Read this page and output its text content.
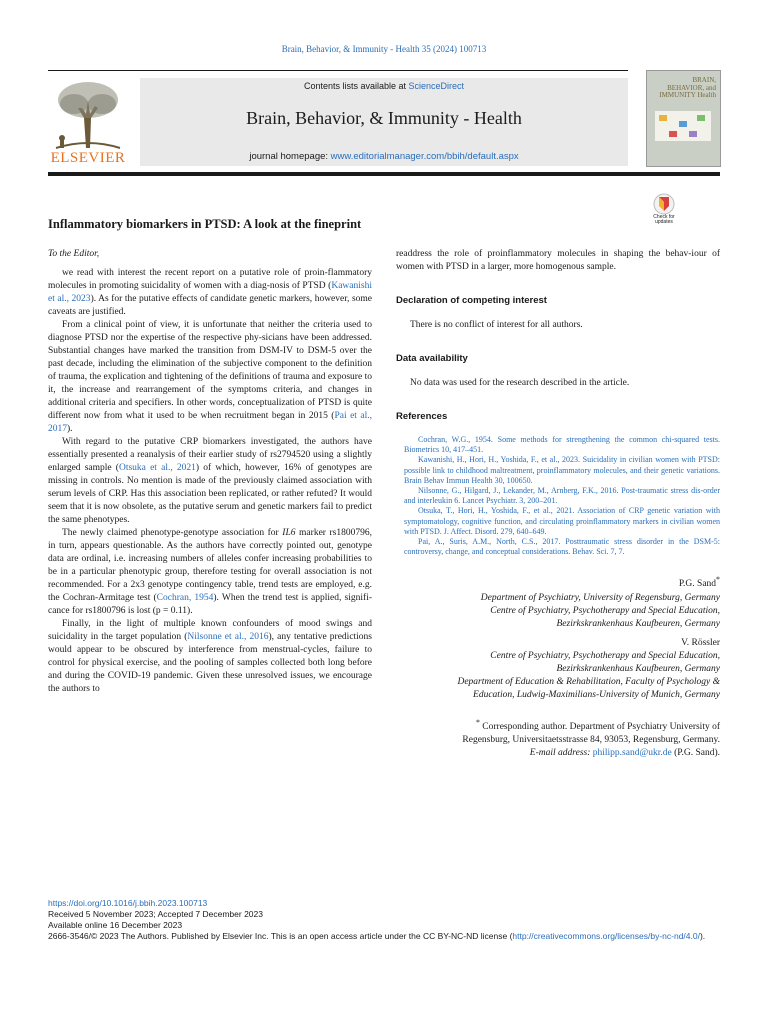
Brain, Behavior, & Immunity - Health 35 (2024) 100713
ELSEVIER
Contents lists available at ScienceDirect
Brain, Behavior, & Immunity - Health
journal homepage: www.editorialmanager.com/bbih/default.aspx
BRAIN, BEHAVIOR, and IMMUNITY Health
Check for updates
Inflammatory biomarkers in PTSD: A look at the fineprint

To the Editor,

we read with interest the recent report on a putative role of proin-flammatory molecules in promoting suicidality of women with a diag-nosis of PTSD (Kawanishi et al., 2023). As for the putative effects of candidate genetic markers, however, some caveats are justified.

From a clinical point of view, it is unfortunate that neither the criteria used to diagnose PTSD nor the expertise of the respective phy-sicians have been addressed. Substantial changes have marked the transition from DSM-IV to DSM-5 over the past decade, including the elimination of the subjective component to the definition of trauma, the explication and tightening of the definitions of trauma and exposure to it, the increase and rearrangement of the symptoms criteria, and changes in additional criteria and specifiers. In other words, conceptualization of PTSD is quite different now from what it used to be when recruitment began in 2015 (Pai et al., 2017).

With regard to the putative CRP biomarkers investigated, the authors have essentially presented a reanalysis of their earlier study of rs2794520 using a slightly enlarged sample (Otsuka et al., 2021) of which, however, 16% of genotypes are missing in controls. No mention is made of the previously claimed association with serum levels of CRP. Has this association been replicated, or rather refuted? It would seem that it is now obsolete, as the putative serum and genetic markers fail to predict the same phenotypes.

The newly claimed phenotype-genotype association for IL6 marker rs1800796, in turn, appears questionable. As the authors have correctly pointed out, genotype data are ordinal, i.e. increasing numbers of alleles confer increasing probabilities to be in a particular phenotypic group, therefore testing for overall association is not recommended. For a 2x3 genotype contingency table, trend tests are employed, e.g. the Cochran-Armitage test (Cochran, 1954). When the trend test is applied, signifi-cance for rs1800796 is lost (p = 0.11).

Finally, in the light of multiple known confounders of mood swings and suicidality in the target population (Nilsonne et al., 2016), any tentative predictions would appear to be obscured by interference from menstrual-cycles, failure to control for physical exercise, and the pooling of samples collected both long before and during the COVID-19 pandemic. Given these unresolved issues, we encourage the authors to

readdress the role of proinflammatory molecules in shaping the behav-iour of women with PTSD in a larger, more homogenous sample.

Declaration of competing interest

There is no conflict of interest for all authors.

Data availability

No data was used for the research described in the article.

References

Cochran, W.G., 1954. Some methods for strengthening the common chi-squared tests. Biometrics 10, 417–451.

Kawanishi, H., Hori, H., Yoshida, F., et al., 2023. Suicidality in civilian women with PTSD: possible link to childhood maltreatment, proinflammatory molecules, and their genetic variations. Brain Behav Immun Health 30, 100650.

Nilsonne, G., Hilgard, J., Lekander, M., Arnberg, F.K., 2016. Post-traumatic stress dis-order and interleukin 6. Lancet Psychiatr. 3, 200–201.

Otsuka, T., Hori, H., Yoshida, F., et al., 2021. Association of CRP genetic variation with symptomatology, cognitive function, and circulating proinflammatory markers in civilian women with PTSD. J. Affect. Disord. 279, 640–649.

Pai, A., Suris, A.M., North, C.S., 2017. Posttraumatic stress disorder in the DSM-5: controversy, change, and conceptual considerations. Behav. Sci. 7, 7.

P.G. Sand*
Department of Psychiatry, University of Regensburg, Germany
Centre of Psychiatry, Psychotherapy and Special Education,
Bezirkskrankenhaus Kaufbeuren, Germany
V. Rössler
Centre of Psychiatry, Psychotherapy and Special Education,
Bezirkskrankenhaus Kaufbeuren, Germany
Department of Education & Rehabilitation, Faculty of Psychology &
Education, Ludwig-Maximilians-University of Munich, Germany
* Corresponding author. Department of Psychiatry University of
Regensburg, Universitaetsstrasse 84, 93053, Regensburg, Germany.
E-mail address: philipp.sand@ukr.de (P.G. Sand).
https://doi.org/10.1016/j.bbih.2023.100713
Received 5 November 2023; Accepted 7 December 2023
Available online 16 December 2023
2666-3546/© 2023 The Authors. Published by Elsevier Inc. This is an open access article under the CC BY-NC-ND license (http://creativecommons.org/licenses/by-nc-nd/4.0/).
